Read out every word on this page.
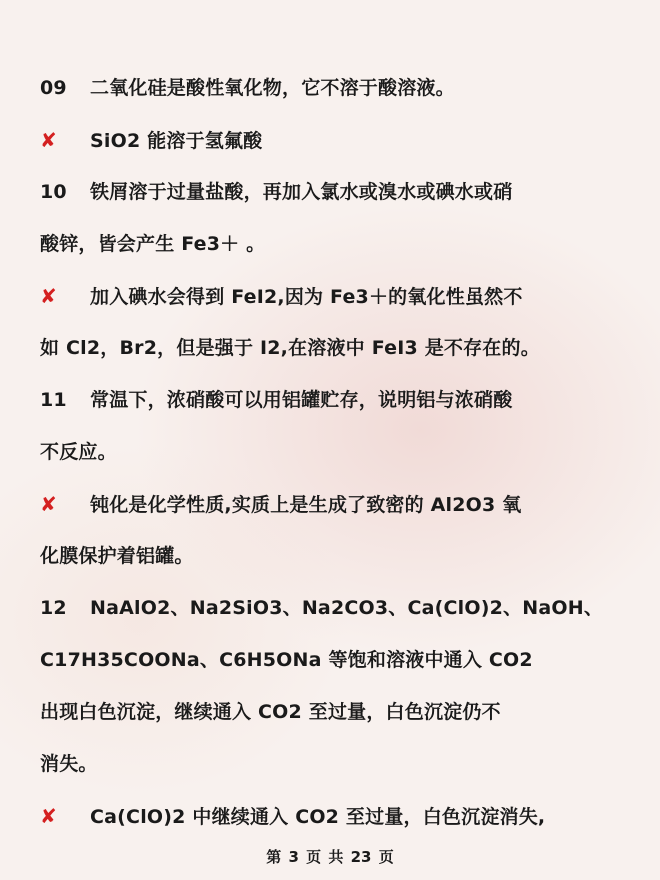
09 二氧化硅是酸性氧化物，它不溶于酸溶液。
✘ SiO2 能溶于氢氟酸
10 铁屑溶于过量盐酸，再加入氯水或溴水或碘水或硝
酸锌，皆会产生 Fe3＋ 。
✘ 加入碘水会得到 FeI2,因为 Fe3＋的氧化性虽然不
如 Cl2，Br2，但是强于 I2,在溶液中 FeI3 是不存在的。
11 常温下，浓硝酸可以用铝罐贮存，说明铝与浓硝酸
不反应。
✘ 钝化是化学性质,实质上是生成了致密的 Al2O3 氧
化膜保护着铝罐。
12 NaAlO2、Na2SiO3、Na2CO3、Ca(ClO)2、NaOH、
C17H35COONa、C6H5ONa 等饱和溶液中通入 CO2
出现白色沉淀，继续通入 CO2 至过量，白色沉淀仍不
消失。
✘ Ca(ClO)2 中继续通入 CO2 至过量，白色沉淀消失,
第 3 页 共 23 页
